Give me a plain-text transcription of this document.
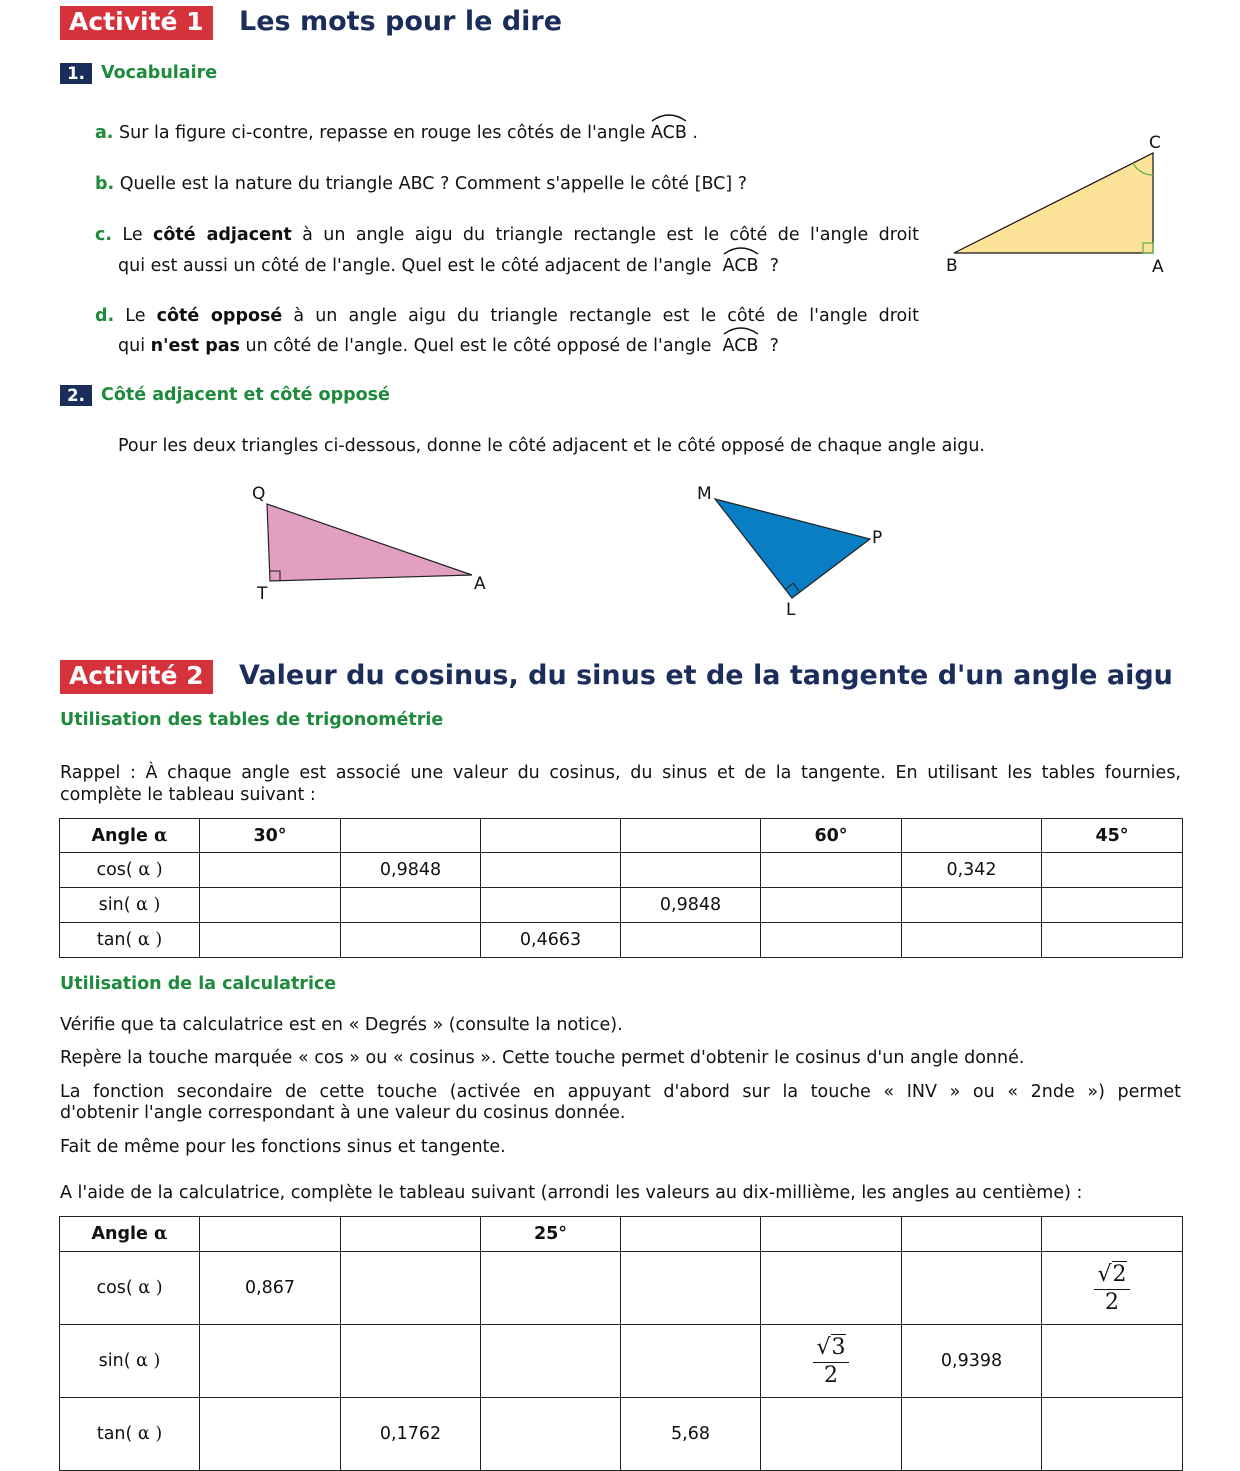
Activité 1	Les mots pour le dire
1. Vocabulaire
a. Sur la figure ci-contre, repasse en rouge les côtés de l'angle ACB .
b. Quelle est la nature du triangle ABC ? Comment s'appelle le côté [BC] ?
c. Le côté adjacent à un angle aigu du triangle rectangle est le côté de l'angle droit
qui est aussi un côté de l'angle. Quel est le côté adjacent de l'angle ACB ?
d. Le côté opposé à un angle aigu du triangle rectangle est le côté de l'angle droit
qui n'est pas un côté de l'angle. Quel est le côté opposé de l'angle ACB ?
C
B	A
2. Côté adjacent et côté opposé
Pour les deux triangles ci-dessous, donne le côté adjacent et le côté opposé de chaque angle aigu.
Q
T	A
M
P
L
Activité 2	Valeur du cosinus, du sinus et de la tangente d'un angle aigu
Utilisation des tables de trigonométrie
Rappel : À chaque angle est associé une valeur du cosinus, du sinus et de la tangente. En utilisant les tables fournies, complète le tableau suivant :
Angle α	30°				60°		45°
cos( α )		0,9848				0,342	
sin( α )				0,9848			
tan( α )			0,4663				
Utilisation de la calculatrice
Vérifie que ta calculatrice est en « Degrés » (consulte la notice).
Repère la touche marquée « cos » ou « cosinus ». Cette touche permet d'obtenir le cosinus d'un angle donné.
La fonction secondaire de cette touche (activée en appuyant d'abord sur la touche « INV » ou « 2nde ») permet
d'obtenir l'angle correspondant à une valeur du cosinus donnée.
Fait de même pour les fonctions sinus et tangente.
A l'aide de la calculatrice, complète le tableau suivant (arrondi les valeurs au dix-millième, les angles au centième) :
Angle α			25°				
cos( α )	0,867						$\frac{√ 2}{2}$

sin( α )					$\frac{√ 3}{2}$	0,9398	
tan( α )		0,1762		5,68			
